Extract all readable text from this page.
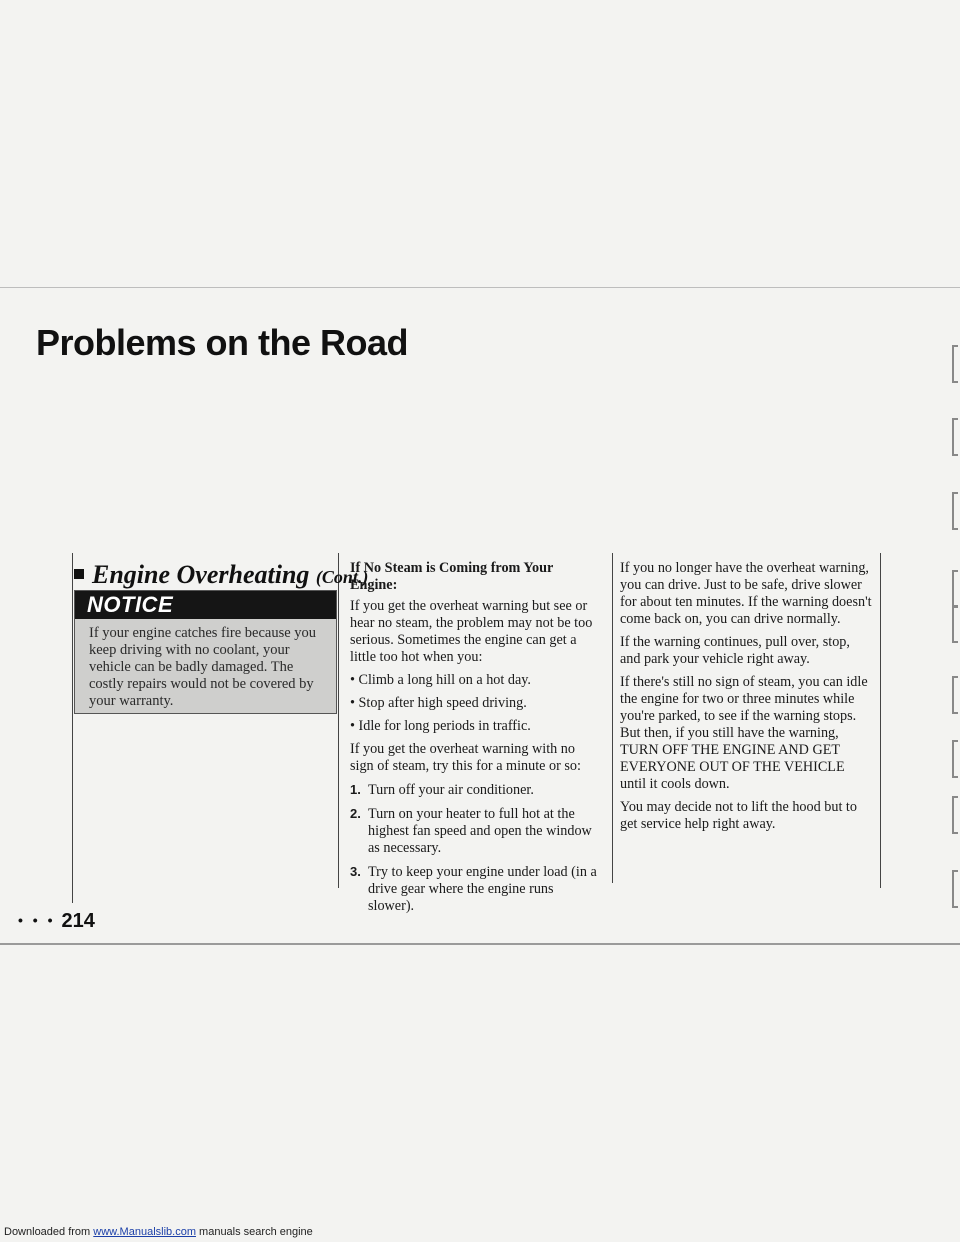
Problems on the Road
Engine Overheating (Cont.)
NOTICE
If your engine catches fire because you keep driving with no coolant, your vehicle can be badly damaged. The costly repairs would not be covered by your warranty.
• • • 214

If No Steam is Coming from Your Engine:

If you get the overheat warning but see or hear no steam, the problem may not be too serious. Sometimes the engine can get a little too hot when you:

• Climb a long hill on a hot day.

• Stop after high speed driving.

• Idle for long periods in traffic.

If you get the overheat warning with no sign of steam, try this for a minute or so:

1. Turn off your air conditioner.

2. Turn on your heater to full hot at the highest fan speed and open the window as necessary.

3. Try to keep your engine under load (in a drive gear where the engine runs slower).

If you no longer have the overheat warning, you can drive. Just to be safe, drive slower for about ten minutes. If the warning doesn't come back on, you can drive normally.

If the warning continues, pull over, stop, and park your vehicle right away.

If there's still no sign of steam, you can idle the engine for two or three minutes while you're parked, to see if the warning stops. But then, if you still have the warning, TURN OFF THE ENGINE AND GET EVERYONE OUT OF THE VEHICLE until it cools down.

You may decide not to lift the hood but to get service help right away.

Downloaded from www.Manualslib.com manuals search engine
